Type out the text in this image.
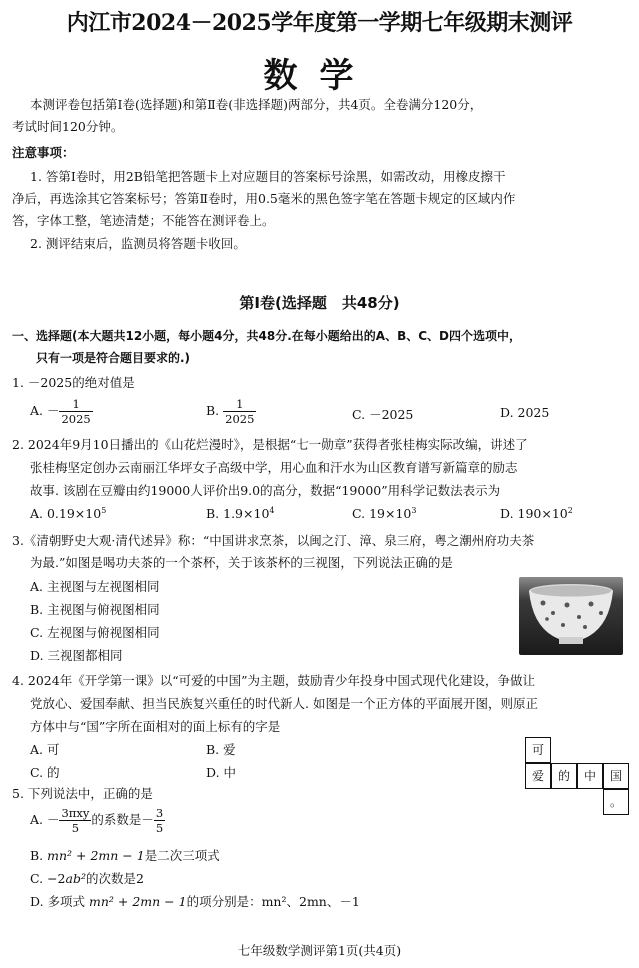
内江市2024－2025学年度第一学期七年级期末测评
数学
本测评卷包括第Ⅰ卷(选择题)和第Ⅱ卷(非选择题)两部分，共4页。全卷满分120分，
考试时间120分钟。
注意事项：
1. 答第Ⅰ卷时，用2B铅笔把答题卡上对应题目的答案标号涂黑，如需改动，用橡皮擦干
净后，再选涂其它答案标号；答第Ⅱ卷时，用0.5毫米的黑色签字笔在答题卡规定的区域内作
答，字体工整，笔迹清楚；不能答在测评卷上。
2. 测评结束后，监测员将答题卡收回。
第Ⅰ卷(选择题　共48分)
一、选择题(本大题共12小题，每小题4分，共48分.在每小题给出的A、B、C、D四个选项中，
只有一项是符合题目要求的.)
1. －2025的绝对值是
A. － $\frac{1}{2025}$	B. $\frac{1}{2025}$	C. －2025	D. 2025
2. 2024年9月10日播出的《山花烂漫时》，是根据“七一勋章”获得者张桂梅实际改编，讲述了
张桂梅坚定创办云南丽江华坪女子高级中学，用心血和汗水为山区教育谱写新篇章的励志
故事. 该剧在豆瓣由约19000人评价出9.0的高分，数据“19000”用科学记数法表示为
A. $0.19\times 10^5$	B. $1.9\times 10^4$	C. $19\times 10^3$	D. $190\times 10^2$
3.《清朝野史大观·清代述异》称：“中国讲求烹茶，以闽之汀、漳、泉三府，粤之潮州府功夫茶
为最.”如图是喝功夫茶的一个茶杯，关于该茶杯的三视图，下列说法正确的是
A. 主视图与左视图相同
B. 主视图与俯视图相同
C. 左视图与俯视图相同
D. 三视图都相同
4. 2024年《开学第一课》以“可爱的中国”为主题，鼓励青少年投身中国式现代化建设，争做让
党放心、爱国奉献、担当民族复兴重任的时代新人. 如图是一个正方体的平面展开图，则原正
方体中与“国”字所在面相对的面上标有的字是
A. 可	B. 爱
C. 的	D. 中
可
爱	的	中	国
。
5. 下列说法中，正确的是
A. － $\frac{\text{3πxy}}{5}$ 的系数是－ $\frac{3}{5}$
B. mn² + 2mn − 1是二次三项式
C. −2ab²的次数是2
D. 多项式 mn² + 2mn − 1的项分别是：mn²、2mn、－1
七年级数学测评第1页(共4页)
